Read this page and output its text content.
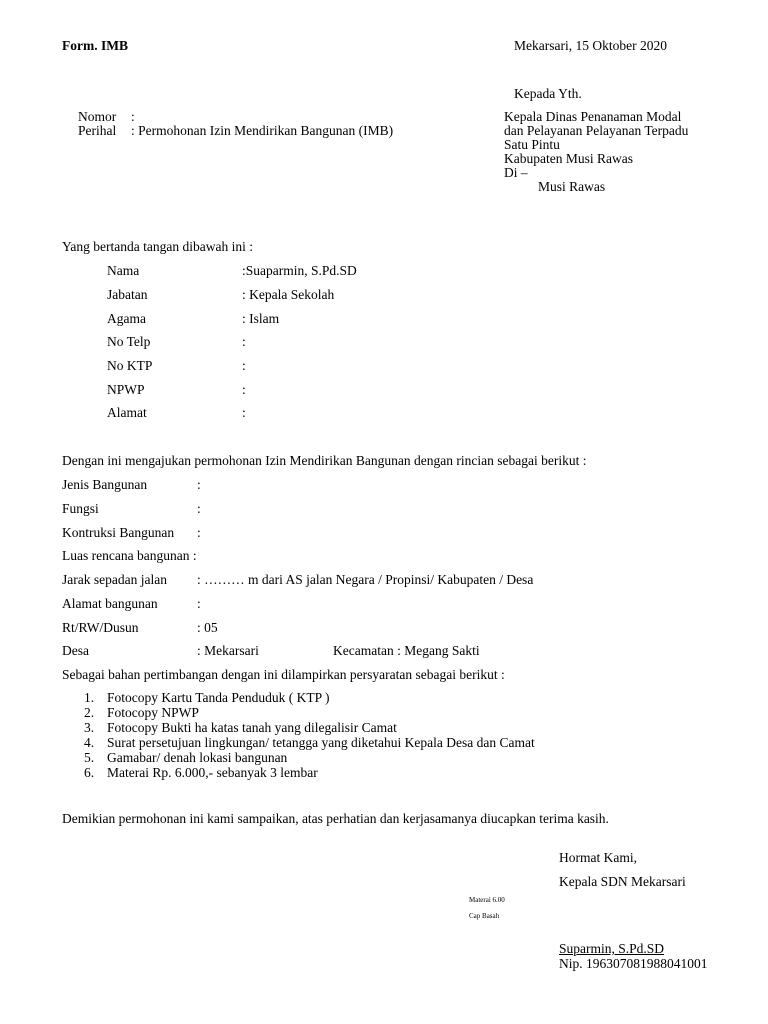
Form. IMB	Mekarsari, 15 Oktober 2020
Kepada Yth.
Kepala Dinas Penanaman Modal
dan Pelayanan Pelayanan Terpadu
Satu Pintu
Kabupaten Musi Rawas
Di –
Musi Rawas
Nomor :
Perihal : Permohonan Izin Mendirikan Bangunan (IMB)
Yang bertanda tangan dibawah ini :
Nama	:Suaparmin, S.Pd.SD
Jabatan	: Kepala Sekolah
Agama	: Islam
No Telp	:
No KTP	:
NPWP	:
Alamat	:
Dengan ini mengajukan permohonan Izin Mendirikan Bangunan dengan rincian sebagai berikut :
Jenis Bangunan	:
Fungsi	:
Kontruksi Bangunan :
Luas rencana bangunan :
Jarak sepadan jalan : ……… m dari AS jalan Negara / Propinsi/ Kabupaten / Desa
Alamat bangunan	:
Rt/RW/Dusun	: 05
Desa	: Mekarsari	Kecamatan : Megang Sakti
Sebagai bahan pertimbangan dengan ini dilampirkan persyaratan sebagai berikut :
1. Fotocopy Kartu Tanda Penduduk ( KTP )
2. Fotocopy NPWP
3. Fotocopy Bukti ha katas tanah yang dilegalisir Camat
4. Surat persetujuan lingkungan/ tetangga yang diketahui Kepala Desa dan Camat
5. Gamabar/ denah lokasi bangunan
6. Materai Rp. 6.000,- sebanyak 3 lembar
Demikian permohonan ini kami sampaikan, atas perhatian dan kerjasamanya diucapkan terima kasih.
Hormat Kami,
Kepala SDN Mekarsari
Materai 6.00
Cap Basah
Suparmin, S.Pd.SD
Nip. 196307081988041001
